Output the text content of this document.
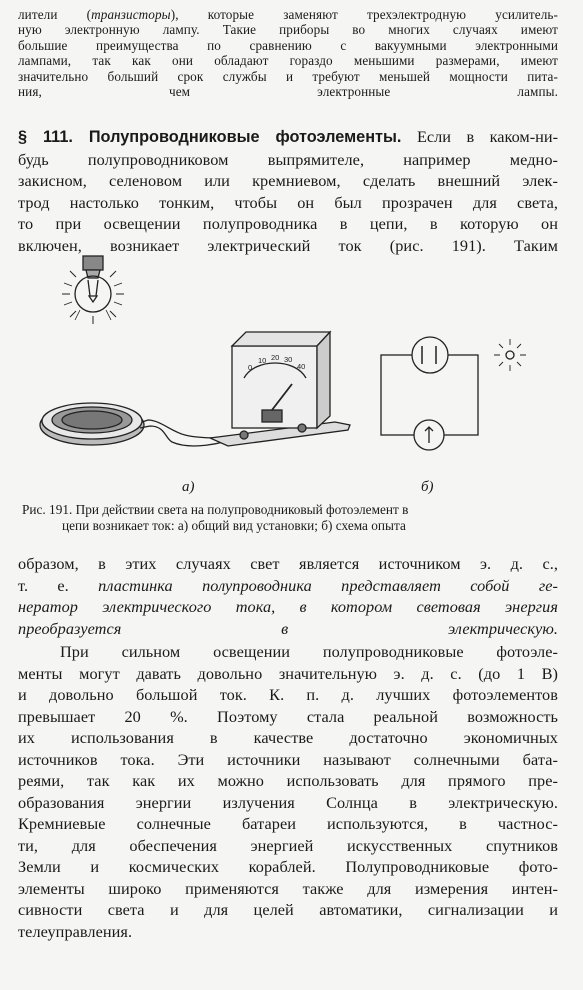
лители (транзисторы), которые заменяют трехэлектродную усилитель-
ную электронную лампу. Такие приборы во многих случаях имеют
большие преимущества по сравнению с вакуумными электронными
лампами, так как они обладают гораздо меньшими размерами, имеют
значительно больший срок службы и требуют меньшей мощности пита-
ния, чем электронные лампы.
§ 111. Полупроводниковые фотоэлементы. Если в каком-ни-
будь полупроводниковом выпрямителе, например медно-
закисном, селеновом или кремниевом, сделать внешний элек-
трод настолько тонким, чтобы он был прозрачен для света,
то при освещении полупроводника в цепи, в которую он
включен, возникает электрический ток (рис. 191). Таким
0
10 20 30
40
а)	б)
Рис. 191. При действии света на полупроводниковый фотоэлемент в
цепи возникает ток: а) общий вид установки; б) схема опыта
образом, в этих случаях свет является источником э. д. с.,
т. е. пластинка полупроводника представляет собой ге-
нератор электрического тока, в котором световая энергия
преобразуется в электрическую.
При сильном освещении полупроводниковые фотоэле-
менты могут давать довольно значительную э. д. с. (до 1 В)
и довольно большой ток. К. п. д. лучших фотоэлементов
превышает 20 %. Поэтому стала реальной возможность
их использования в качестве достаточно экономичных
источников тока. Эти источники называют солнечными бата-
реями, так как их можно использовать для прямого пре-
образования энергии излучения Солнца в электрическую.
Кремниевые солнечные батареи используются, в частнос-
ти, для обеспечения энергией искусственных спутников
Земли и космических кораблей. Полупроводниковые фото-
элементы широко применяются также для измерения интен-
сивности света и для целей автоматики, сигнализации и
телеуправления.
